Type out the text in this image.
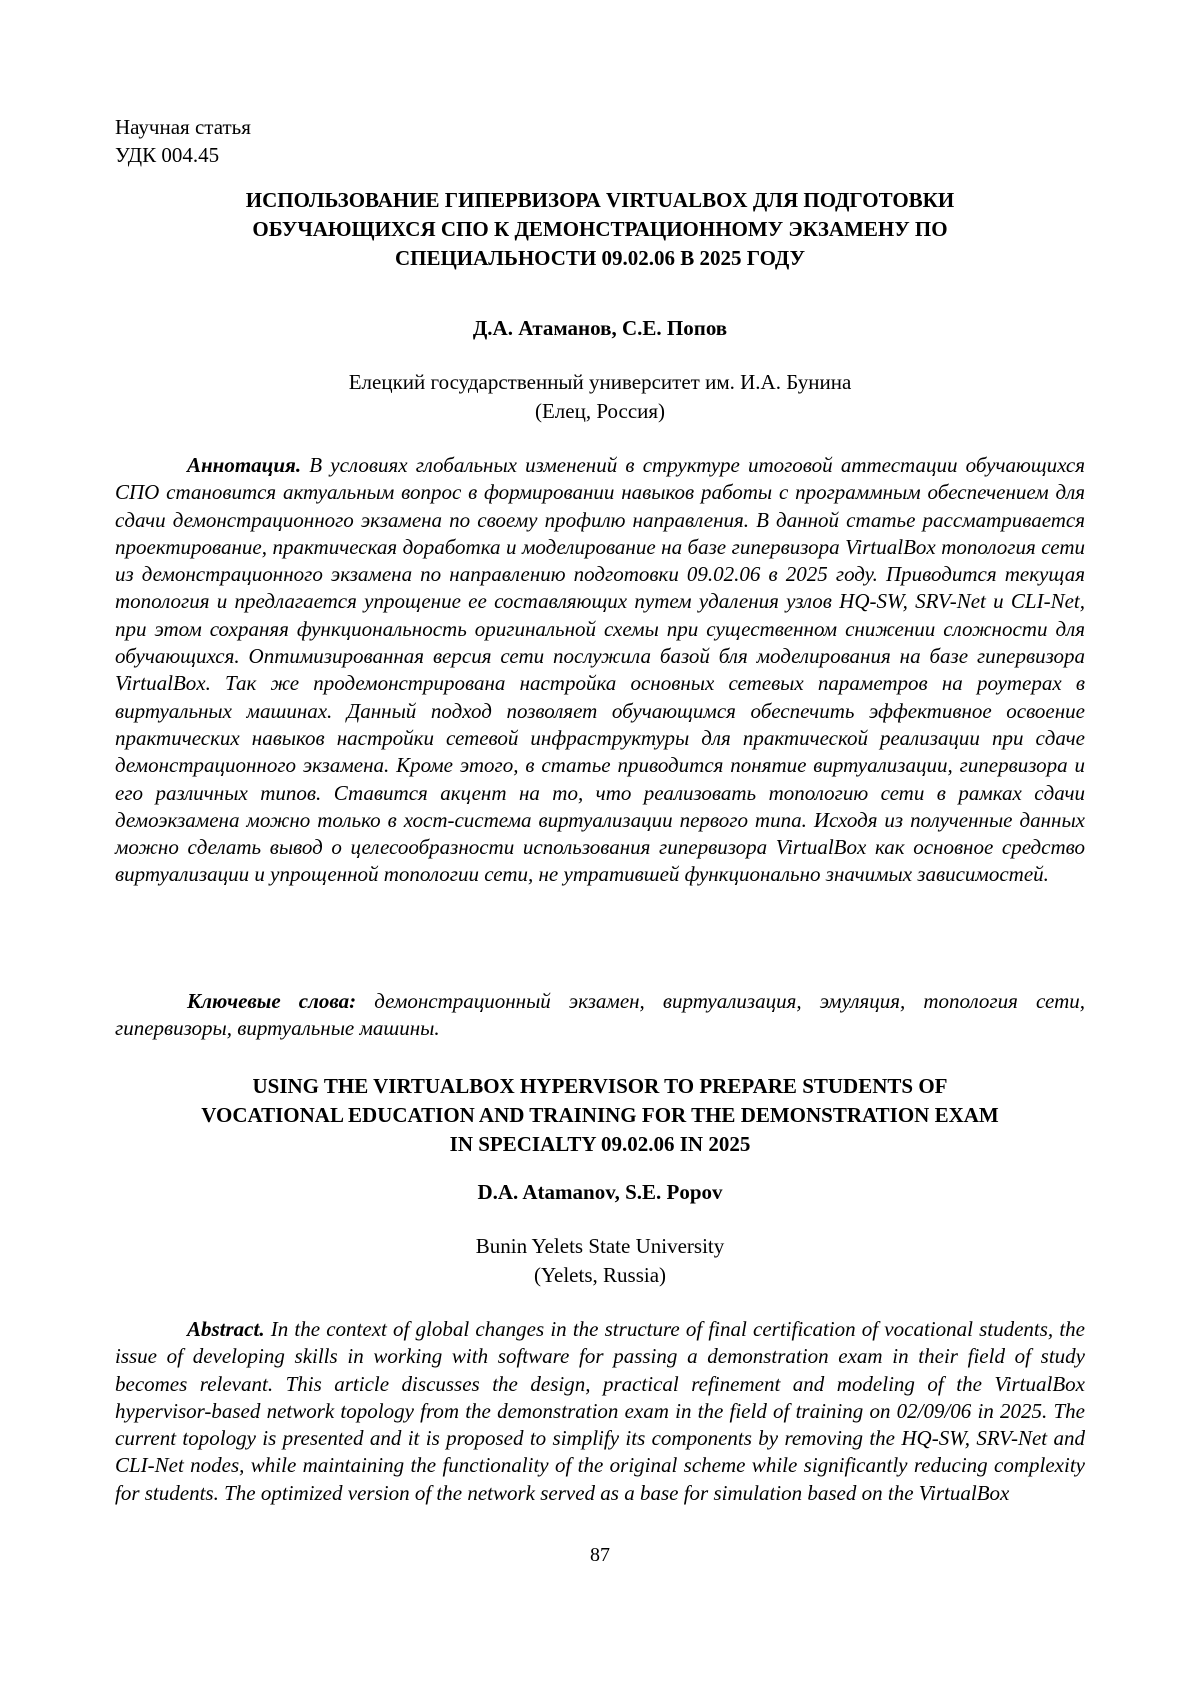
Научная статья

УДК 004.45

ИСПОЛЬЗОВАНИЕ ГИПЕРВИЗОРА VIRTUALBOX ДЛЯ ПОДГОТОВКИ
ОБУЧАЮЩИХСЯ СПО К ДЕМОНСТРАЦИОННОМУ ЭКЗАМЕНУ ПО
СПЕЦИАЛЬНОСТИ 09.02.06 В 2025 ГОДУ
Д.А. Атаманов, С.Е. Попов
Елецкий государственный университет им. И.А. Бунина
(Елец, Россия)

Аннотация. В условиях глобальных изменений в структуре итоговой аттестации обучающихся СПО становится актуальным вопрос в формировании навыков работы с программным обеспечением для сдачи демонстрационного экзамена по своему профилю направления. В данной статье рассматривается проектирование, практическая доработка и моделирование на базе гипервизора VirtualBox топология сети из демонстрационного экзамена по направлению подготовки 09.02.06 в 2025 году. Приводится текущая топология и предлагается упрощение ее составляющих путем удаления узлов HQ-SW, SRV-Net и CLI-Net, при этом сохраняя функциональность оригинальной схемы при существенном снижении сложности для обучающихся. Оптимизированная версия сети послужила базой бля моделирования на базе гипервизора VirtualBox. Так же продемонстрирована настройка основных сетевых параметров на роутерах в виртуальных машинах. Данный подход позволяет обучающимся обеспечить эффективное освоение практических навыков настройки сетевой инфраструктуры для практической реализации при сдаче демонстрационного экзамена. Кроме этого, в статье приводится понятие виртуализации, гипервизора и его различных типов. Ставится акцент на то, что реализовать топологию сети в рамках сдачи демоэкзамена можно только в хост-система виртуализации первого типа. Исходя из полученные данных можно сделать вывод о целесообразности использования гипервизора VirtualBox как основное средство виртуализации и упрощенной топологии сети, не утратившей функционально значимых зависимостей.

Ключевые слова: демонстрационный экзамен, виртуализация, эмуляция, топология сети, гипервизоры, виртуальные машины.

USING THE VIRTUALBOX HYPERVISOR TO PREPARE STUDENTS OF
VOCATIONAL EDUCATION AND TRAINING FOR THE DEMONSTRATION EXAM
IN SPECIALTY 09.02.06 IN 2025
D.A. Atamanov, S.E. Popov
Bunin Yelets State University
(Yelets, Russia)

Abstract. In the context of global changes in the structure of final certification of vocational students, the issue of developing skills in working with software for passing a demonstration exam in their field of study becomes relevant. This article discusses the design, practical refinement and modeling of the VirtualBox hypervisor-based network topology from the demonstration exam in the field of training on 02/09/06 in 2025. The current topology is presented and it is proposed to simplify its components by removing the HQ-SW, SRV-Net and CLI-Net nodes, while maintaining the functionality of the original scheme while significantly reducing complexity for students. The optimized version of the network served as a base for simulation based on the VirtualBox

87
